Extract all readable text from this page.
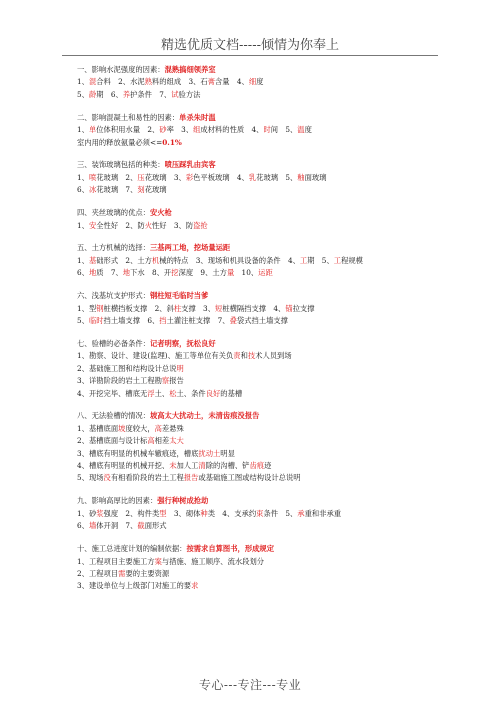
精选优质文档-----倾情为你奉上
一、影响水泥强度的因素：混熟搞细领养室
1、混合料　2、水泥熟料的组成　3、石膏含量　4、细度
5、龄期　6、养护条件　7、试验方法
二、影响混凝土和易性的因素：单杀朱时温
1、单位体积用水量　2、砂率　3、组成材料的性质　4、时间　5、温度
室内用的释放氨量必须<=0.1%
三、装饰玻璃包括的种类：喷压踩乳由宾客
1、喷花玻璃　2、压花玻璃　3、彩色平板玻璃　4、乳花玻璃　5、釉面玻璃
6、冰花玻璃　7、刻花玻璃
四、夹丝玻璃的优点：安火枪
1、安全性好　2、防火性好　3、防盗抢
五、土方机械的选择：三基两工地，挖场量运距
1、基础形式　2、土方机械的特点　3、现场和机具设备的条件　4、工期　5、工程规模
6、地质　7、地下水　8、开挖深度　9、土方量　10、运距
六、浅基坑支护形式：钢柱短毛临时当爹
1、型钢桩横挡板支撑　2、斜柱支撑　3、短桩横隔挡支撑　4、锚拉支撑
5、临时挡土墙支撑　6、挡土灌注桩支撑　7、叠袋式挡土墙支撑
七、验槽的必备条件：记者明察，抚松良好
1、勘察、设计、建设(监理)、施工等单位有关负责和技术人员到场
2、基础施工图和结构设计总说明
3、详勘阶段的岩土工程勘察报告
4、开挖完毕、槽底无浮土、松土、条件良好的基槽
八、无法验槽的情况：坡高太大扰动土，未清齿痕没报告
1、基槽底面坡度较大，高差悬殊
2、基槽底面与设计标高相差太大
3、槽底有明显的机械车辙痕迹，槽底扰动土明显
4、槽底有明显的机械开挖、未加人工清除的沟槽、铲齿痕迹
5、现场没有相看阶段的岩土工程报告或基础施工图或结构设计总说明
九、影响高厚比的因素：强行种树成抢劫
1、砂浆强度　2、构件类型　3、砌体种类　4、支承约束条件　5、承重和非承重
6、墙体开洞　7、截面形式
十、施工总进度计划的编制依据：按需求自算图书，形成规定
1、工程项目主要施工方案与措施、施工顺序、流水段划分
2、工程项目需要的主要资源
3、建设单位与上级部门对施工的要求
专心---专注---专业
